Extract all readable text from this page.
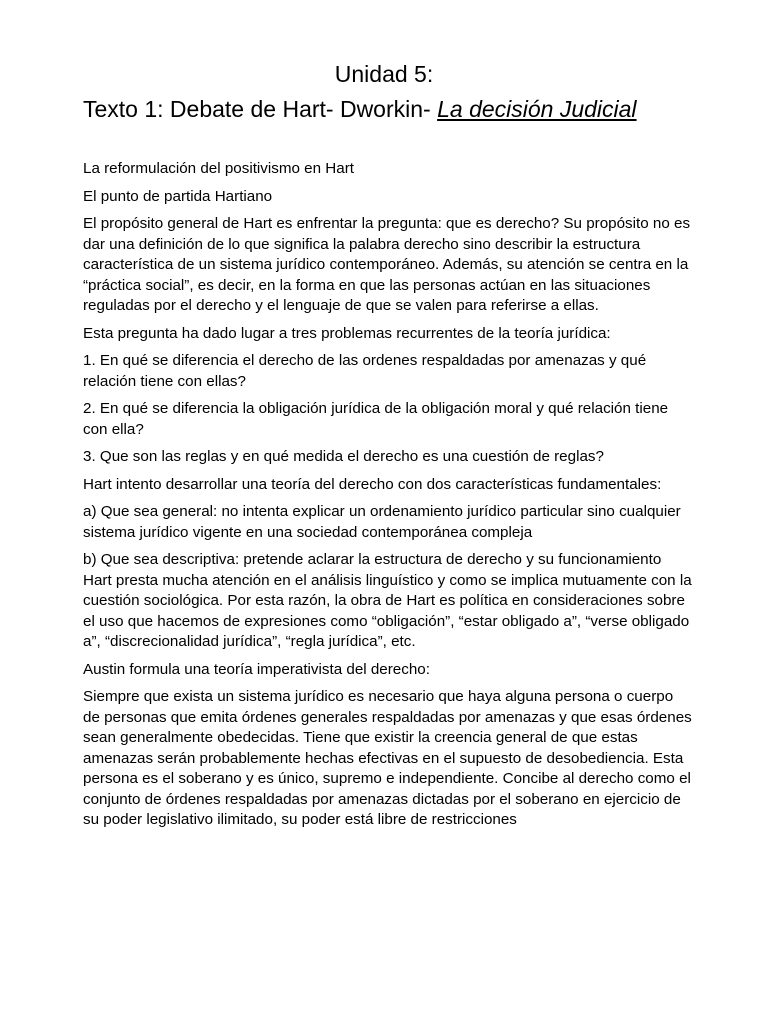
Unidad 5:
Texto 1: Debate de Hart- Dworkin- La decisión Judicial

La reformulación del positivismo en Hart

El punto de partida Hartiano

El propósito general de Hart es enfrentar la pregunta: que es derecho? Su propósito no es dar una definición de lo que significa la palabra derecho sino describir la estructura característica de un sistema jurídico contemporáneo. Además, su atención se centra en la “práctica social”, es decir, en la forma en que las personas actúan en las situaciones reguladas por el derecho y el lenguaje de que se valen para referirse a ellas.

Esta pregunta ha dado lugar a tres problemas recurrentes de la teoría jurídica:

1. En qué se diferencia el derecho de las ordenes respaldadas por amenazas y qué relación tiene con ellas?

2. En qué se diferencia la obligación jurídica de la obligación moral y qué relación tiene con ella?

3. Que son las reglas y en qué medida el derecho es una cuestión de reglas?

Hart intento desarrollar una teoría del derecho con dos características fundamentales:

a) Que sea general: no intenta explicar un ordenamiento jurídico particular sino cualquier sistema jurídico vigente en una sociedad contemporánea compleja

b) Que sea descriptiva: pretende aclarar la estructura de derecho y su funcionamiento Hart presta mucha atención en el análisis linguístico y como se implica mutuamente con la cuestión sociológica. Por esta razón, la obra de Hart es política en consideraciones sobre el uso que hacemos de expresiones como “obligación”, “estar obligado a”, “verse obligado a”, “discrecionalidad jurídica”, “regla jurídica”, etc.

Austin formula una teoría imperativista del derecho:

Siempre que exista un sistema jurídico es necesario que haya alguna persona o cuerpo de personas que emita órdenes generales respaldadas por amenazas y que esas órdenes sean generalmente obedecidas. Tiene que existir la creencia general de que estas amenazas serán probablemente hechas efectivas en el supuesto de desobediencia. Esta persona es el soberano y es único, supremo e independiente. Concibe al derecho como el conjunto de órdenes respaldadas por amenazas dictadas por el soberano en ejercicio de su poder legislativo ilimitado, su poder está libre de restricciones
